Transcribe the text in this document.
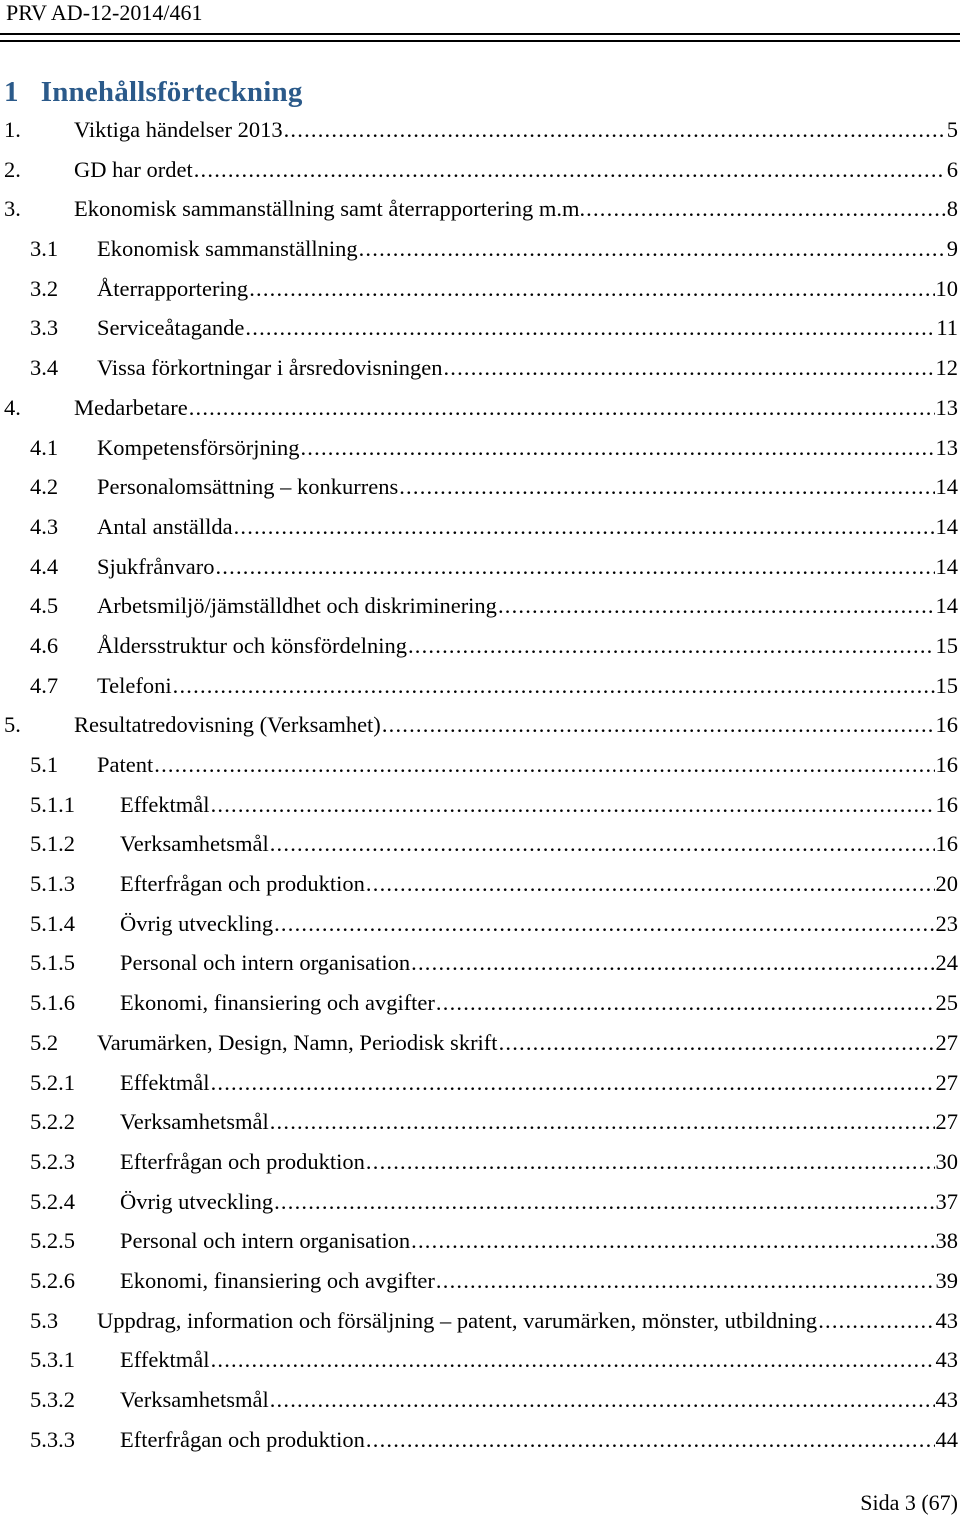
PRV AD-12-2014/461
1 Innehållsförteckning
1. Viktiga händelser 2013 .....	5
2. GD har ordet .....	6
3. Ekonomisk sammanställning samt återrapportering m.m. .....	8
3.1 Ekonomisk sammanställning .....	9
3.2 Återrapportering .....	10
3.3 Serviceåtagande .....	11
3.4 Vissa förkortningar i årsredovisningen .....	12
4. Medarbetare .....	13
4.1 Kompetensförsörjning .....	13
4.2 Personalomsättning – konkurrens .....	14
4.3 Antal anställda .....	14
4.4 Sjukfrånvaro .....	14
4.5 Arbetsmiljö/jämställdhet och diskriminering .....	14
4.6 Åldersstruktur och könsfördelning .....	15
4.7 Telefoni .....	15
5. Resultatredovisning (Verksamhet) .....	16
5.1 Patent .....	16
5.1.1 Effektmål .....	16
5.1.2 Verksamhetsmål .....	16
5.1.3 Efterfrågan och produktion .....	20
5.1.4 Övrig utveckling .....	23
5.1.5 Personal och intern organisation .....	24
5.1.6 Ekonomi, finansiering och avgifter .....	25
5.2 Varumärken, Design, Namn, Periodisk skrift .....	27
5.2.1 Effektmål .....	27
5.2.2 Verksamhetsmål .....	27
5.2.3 Efterfrågan och produktion .....	30
5.2.4 Övrig utveckling .....	37
5.2.5 Personal och intern organisation .....	38
5.2.6 Ekonomi, finansiering och avgifter .....	39
5.3 Uppdrag, information och försäljning – patent, varumärken, mönster, utbildning .....	43
5.3.1 Effektmål .....	43
5.3.2 Verksamhetsmål .....	43
5.3.3 Efterfrågan och produktion .....	44
Sida 3 (67)
